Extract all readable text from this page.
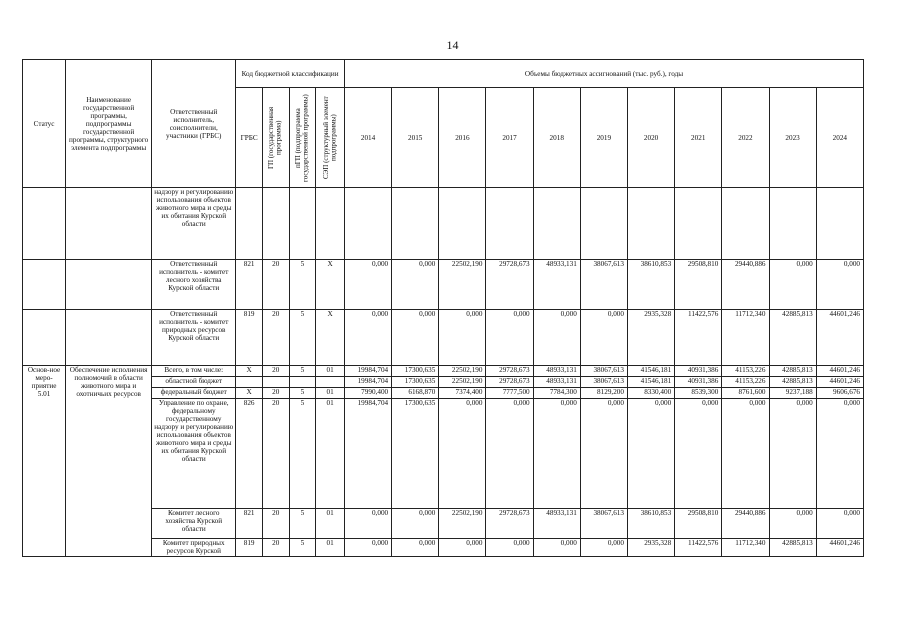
14
Статус	Наименование государственной программы, подпрограммы государственной программы, структурного элемента подпрограммы	Ответственный исполнитель, соисполнители, участники (ГРБС)	Код бюджетной классификации				Объемы бюджетных ассигнований (тыс. руб.), годы										
			ГРБС	ГП (государственная программа)	пГП (подпрограмма государственной программы)	СЭП (структурный элемент подпрограммы)	2014	2015	2016	2017	2018	2019	2020	2021	2022	2023	2024
		надзору и регулированию использования объектов животного мира и среды их обитания Курской области															
		Ответственный исполнитель - комитет лесного хозяйства Курской области	821	20	5	Х	0,000	0,000	22502,190	29728,673	48933,131	38067,613	38610,853	29508,810	29440,886	0,000	0,000
		Ответственный исполнитель - комитет природных ресурсов Курской области	819	20	5	Х	0,000	0,000	0,000	0,000	0,000	0,000	2935,328	11422,576	11712,340	42885,813	44601,246
Основ-ное меро-приятие 5.01	Обеспечение исполнения полномочий в области животного мира и охотничьих ресурсов	Всего, в том числе:	Х	20	5	01	19984,704	17300,635	22502,190	29728,673	48933,131	38067,613	41546,181	40931,386	41153,226	42885,813	44601,246
		областной бюджет					19984,704	17300,635	22502,190	29728,673	48933,131	38067,613	41546,181	40931,386	41153,226	42885,813	44601,246
		федеральный бюджет	Х	20	5	01	7990,400	6168,870	7374,400	7777,500	7784,300	8129,200	8330,400	8539,300	8761,600	9237,188	9606,676
		Управление по охране, федеральному государственному надзору и регулированию использования объектов животного мира и среды их обитания Курской области	826	20	5	01	19984,704	17300,635	0,000	0,000	0,000	0,000	0,000	0,000	0,000	0,000	0,000
		Комитет лесного хозяйства Курской области	821	20	5	01	0,000	0,000	22502,190	29728,673	48933,131	38067,613	38610,853	29508,810	29440,886	0,000	0,000
		Комитет природных ресурсов Курской	819	20	5	01	0,000	0,000	0,000	0,000	0,000	0,000	2935,328	11422,576	11712,340	42885,813	44601,246
